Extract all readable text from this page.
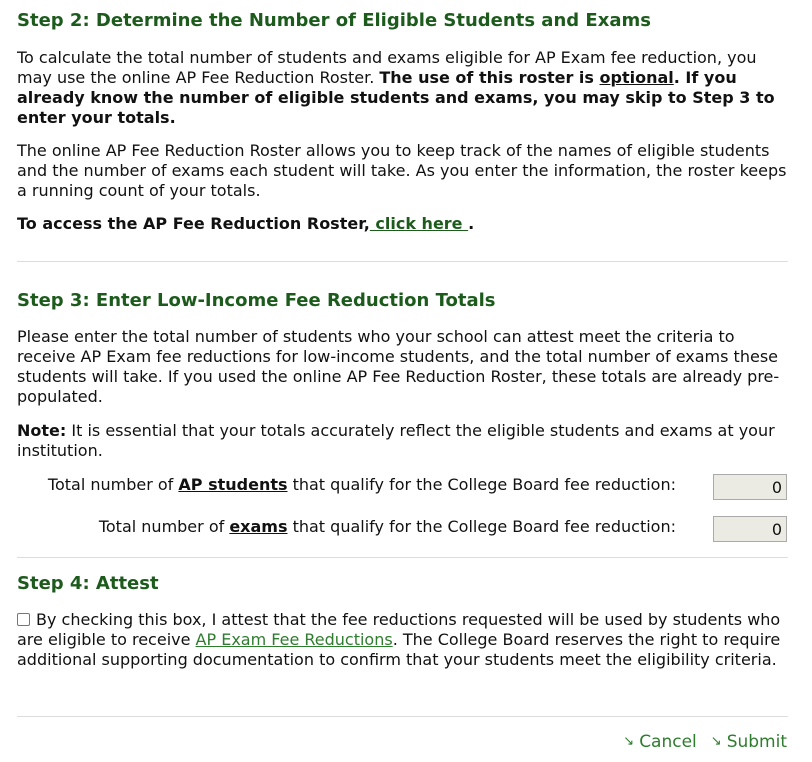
Step 2: Determine the Number of Eligible Students and Exams

To calculate the total number of students and exams eligible for AP Exam fee reduction, you may use the online AP Fee Reduction Roster. The use of this roster is optional. If you already know the number of eligible students and exams, you may skip to Step 3 to enter your totals.

The online AP Fee Reduction Roster allows you to keep track of the names of eligible students and the number of exams each student will take. As you enter the information, the roster keeps a running count of your totals.

To access the AP Fee Reduction Roster, click here .

Step 3: Enter Low-Income Fee Reduction Totals

Please enter the total number of students who your school can attest meet the criteria to receive AP Exam fee reductions for low-income students, and the total number of exams these students will take. If you used the online AP Fee Reduction Roster, these totals are already pre-populated.

Note: It is essential that your totals accurately reflect the eligible students and exams at your institution.

Total number of AP students that qualify for the College Board fee reduction:
0
Total number of exams that qualify for the College Board fee reduction:
0
Step 4: Attest

By checking this box, I attest that the fee reductions requested will be used by students who are eligible to receive AP Exam Fee Reductions. The College Board reserves the right to require additional supporting documentation to confirm that your students meet the eligibility criteria.

↘ Cancel ↘ Submit
